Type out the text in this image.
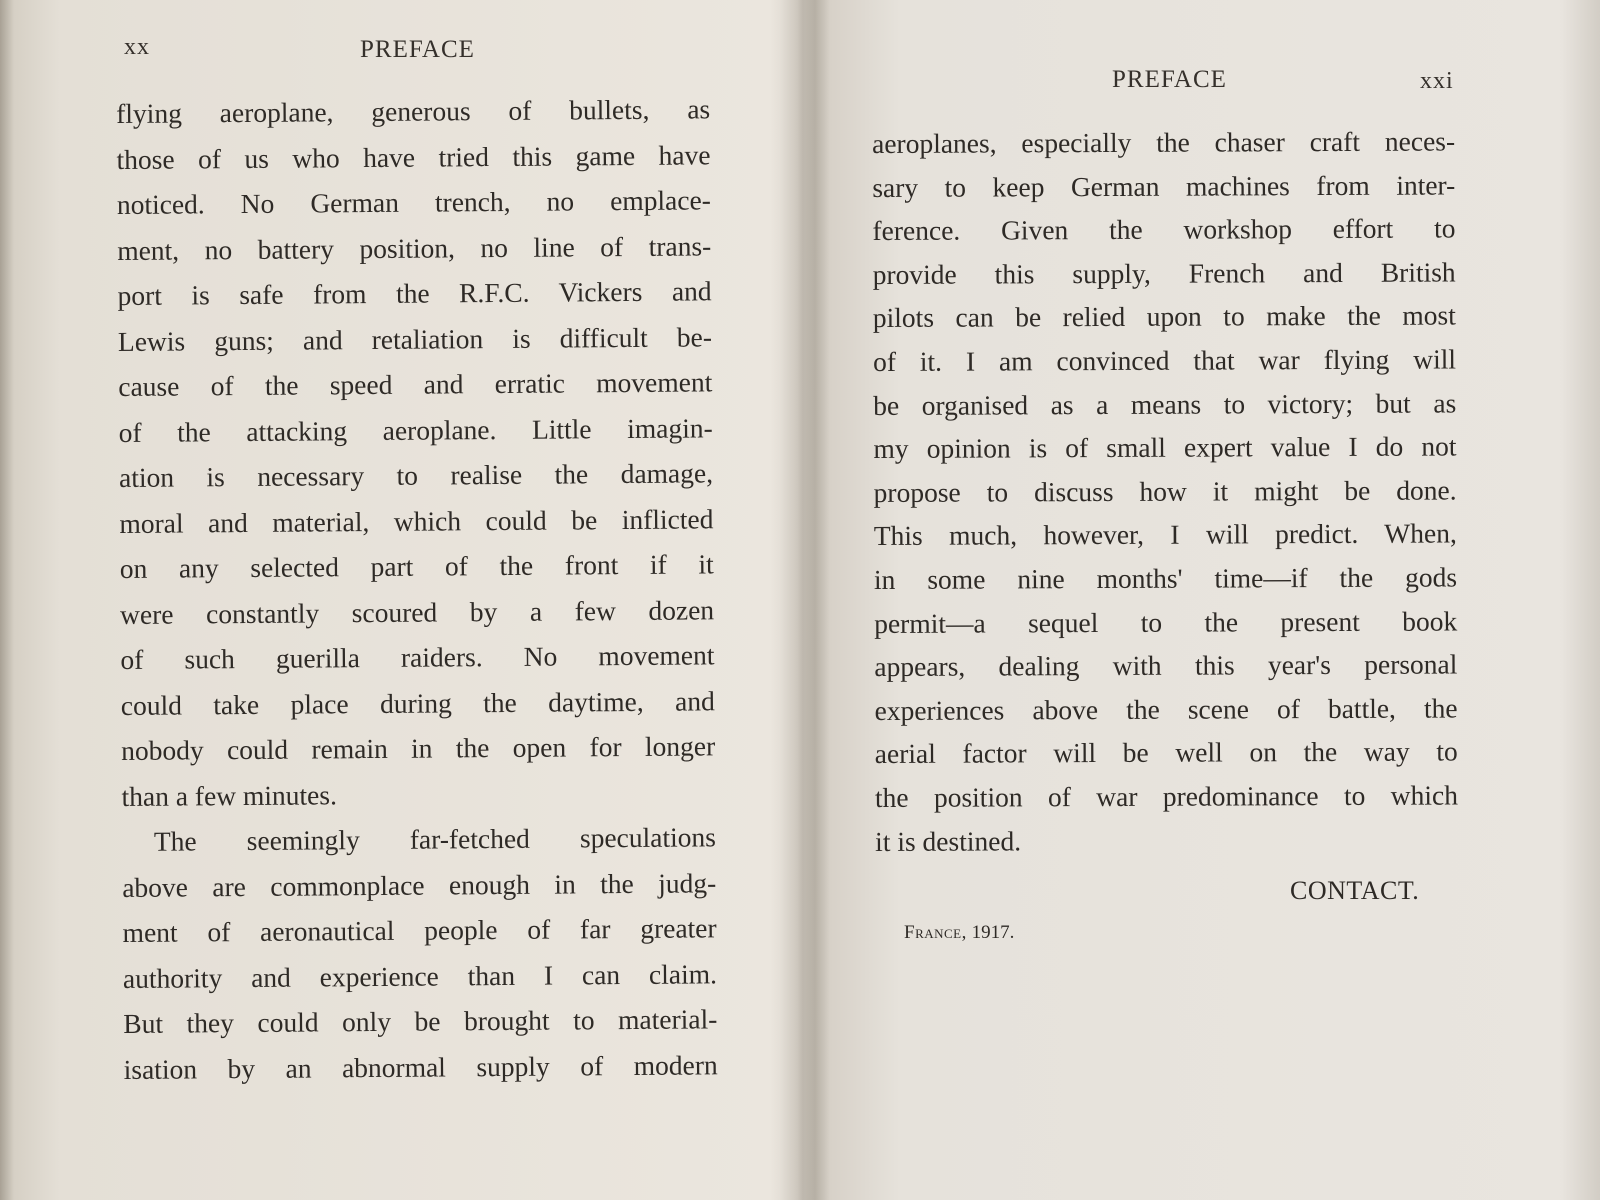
xx	PREFACE
flying aeroplane, generous of bullets, as
those of us who have tried this game have
noticed. No German trench, no emplace-
ment, no battery position, no line of trans-
port is safe from the R.F.C. Vickers and
Lewis guns; and retaliation is difficult be-
cause of the speed and erratic movement
of the attacking aeroplane. Little imagin-
ation is necessary to realise the damage,
moral and material, which could be inflicted
on any selected part of the front if it
were constantly scoured by a few dozen
of such guerilla raiders. No movement
could take place during the daytime, and
nobody could remain in the open for longer
than a few minutes.
The seemingly far-fetched speculations
above are commonplace enough in the judg-
ment of aeronautical people of far greater
authority and experience than I can claim.
But they could only be brought to material-
isation by an abnormal supply of modern
PREFACE	xxi
aeroplanes, especially the chaser craft neces-
sary to keep German machines from inter-
ference. Given the workshop effort to
provide this supply, French and British
pilots can be relied upon to make the most
of it. I am convinced that war flying will
be organised as a means to victory; but as
my opinion is of small expert value I do not
propose to discuss how it might be done.
This much, however, I will predict. When,
in some nine months' time—if the gods
permit—a sequel to the present book
appears, dealing with this year's personal
experiences above the scene of battle, the
aerial factor will be well on the way to
the position of war predominance to which
it is destined.
CONTACT.
France, 1917.
